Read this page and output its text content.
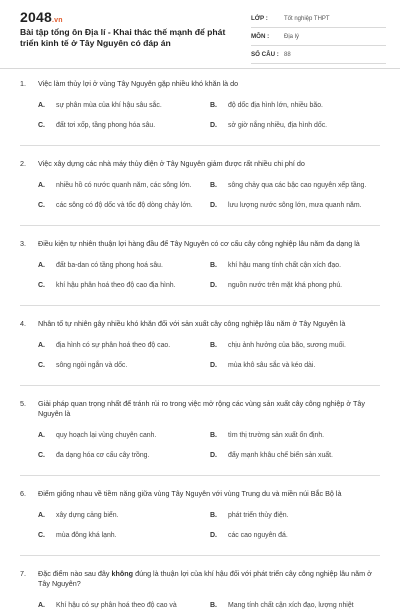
2048.vn
Bài tập tổng ôn Địa lí - Khai thác thế mạnh để phát triển kinh tế ở Tây Nguyên có đáp án
LỚP :	Tốt nghiệp THPT
MÔN :	Địa lý
SỐ CÂU : 88
1.	Việc làm thủy lợi ở vùng Tây Nguyên gặp nhiều khó khăn là do
A.	sự phân mùa của khí hậu sâu sắc.	B.	độ dốc địa hình lớn, nhiều bão.
C.	đất tơi xốp, tầng phong hóa sâu.	D.	sở giờ nắng nhiều, địa hình dốc.
2.	Việc xây dựng các nhà máy thủy điện ở Tây Nguyên giảm được rất nhiều chi phí do
A.	nhiều hồ có nước quanh năm, các sông lớn.	B.	sông chảy qua các bậc cao nguyên xếp tầng.
C.	các sông có độ dốc và tốc độ dòng chảy lớn.	D.	lưu lượng nước sông lớn, mưa quanh năm.
3.	Điều kiện tự nhiên thuận lợi hàng đầu để Tây Nguyên có cơ cấu cây công nghiệp lâu năm đa dạng là
A.	đất ba-dan có tầng phong hoá sâu.	B.	khí hậu mang tính chất cận xích đạo.
C.	khí hậu phân hoá theo độ cao địa hình.	D.	nguồn nước trên mặt khá phong phú.
4.	Nhân tố tự nhiên gây nhiều khó khăn đối với sản xuất cây công nghiệp lâu năm ở Tây Nguyên là
A.	địa hình có sự phân hoá theo độ cao.	B.	chịu ảnh hưởng của bão, sương muối.
C.	sông ngòi ngắn và dốc.	D.	mùa khô sâu sắc và kéo dài.
5.	Giải pháp quan trọng nhất để tránh rủi ro trong việc mở rộng các vùng sản xuất cây công nghiệp ở Tây Nguyên là
A.	quy hoạch lại vùng chuyên canh.	B.	tìm thị trường sản xuất ổn định.
C.	đa dạng hóa cơ cấu cây trồng.	D.	đẩy mạnh khâu chế biến sản xuất.
6.	Điểm giống nhau về tiềm năng giữa vùng Tây Nguyên với vùng Trung du và miền núi Bắc Bộ là
A.	xây dựng cảng biển.	B.	phát triển thủy điện.
C.	mùa đông khá lạnh.	D.	các cao nguyên đá.
7.	Đặc điểm nào sau đây không đúng là thuận lợi của khí hậu đối với phát triển cây công nghiệp lâu năm ở Tây Nguyên?
A.	Khí hậu có sự phân hoá theo độ cao và	B.	Mang tính chất cận xích đạo, lượng nhiệt
